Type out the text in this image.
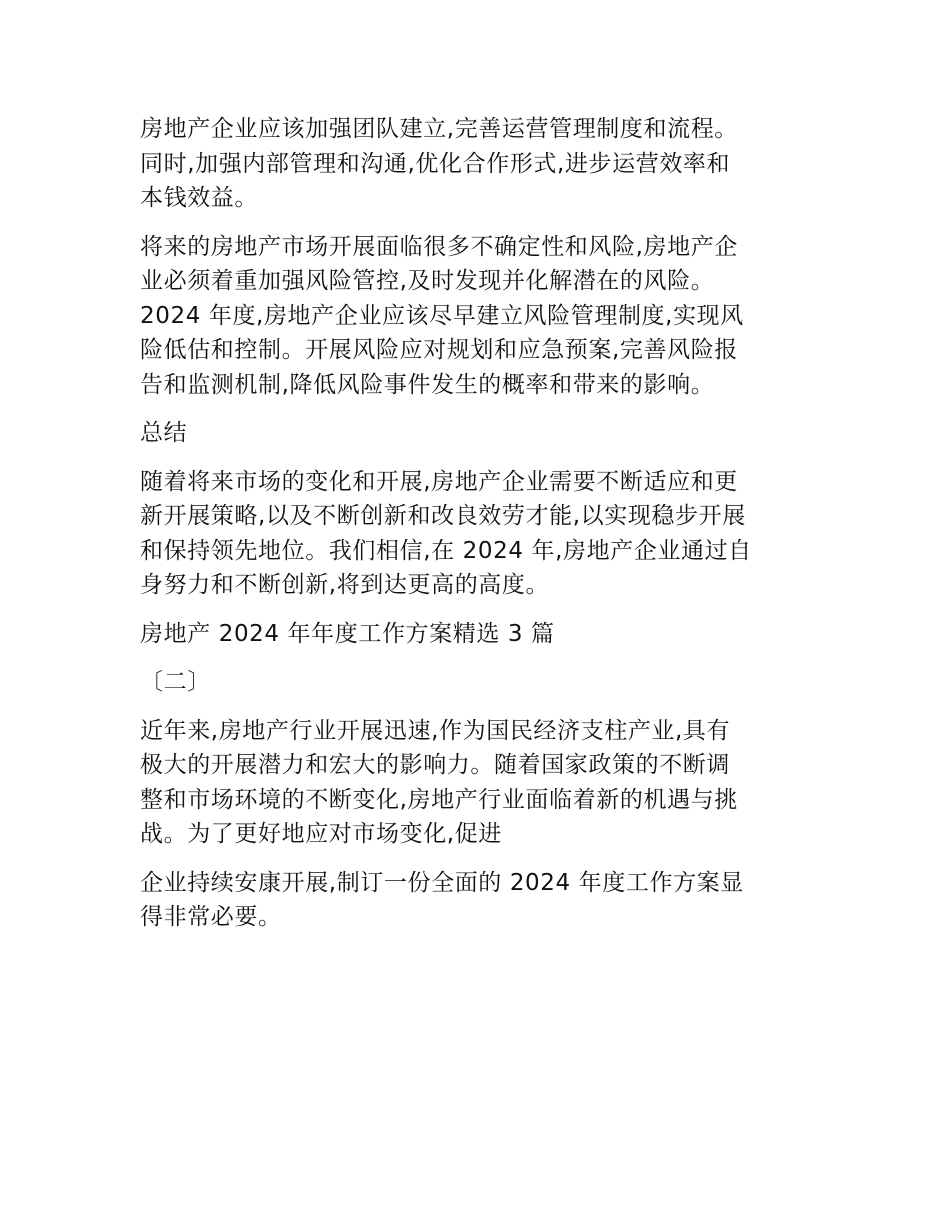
房地产企业应该加强团队建立,完善运营管理制度和流程。
同时,加强内部管理和沟通,优化合作形式,进步运营效率和
本钱效益。
将来的房地产市场开展面临很多不确定性和风险,房地产企
业必须着重加强风险管控,及时发现并化解潜在的风险。
2024 年度,房地产企业应该尽早建立风险管理制度,实现风
险低估和控制。开展风险应对规划和应急预案,完善风险报
告和监测机制,降低风险事件发生的概率和带来的影响。
总结
随着将来市场的变化和开展,房地产企业需要不断适应和更
新开展策略,以及不断创新和改良效劳才能,以实现稳步开展
和保持领先地位。我们相信,在 2024 年,房地产企业通过自
身努力和不断创新,将到达更高的高度。
房地产 2024 年年度工作方案精选 3 篇
〔二〕
近年来,房地产行业开展迅速,作为国民经济支柱产业,具有
极大的开展潜力和宏大的影响力。随着国家政策的不断调
整和市场环境的不断变化,房地产行业面临着新的机遇与挑
战。为了更好地应对市场变化,促进
企业持续安康开展,制订一份全面的 2024 年度工作方案显
得非常必要。
